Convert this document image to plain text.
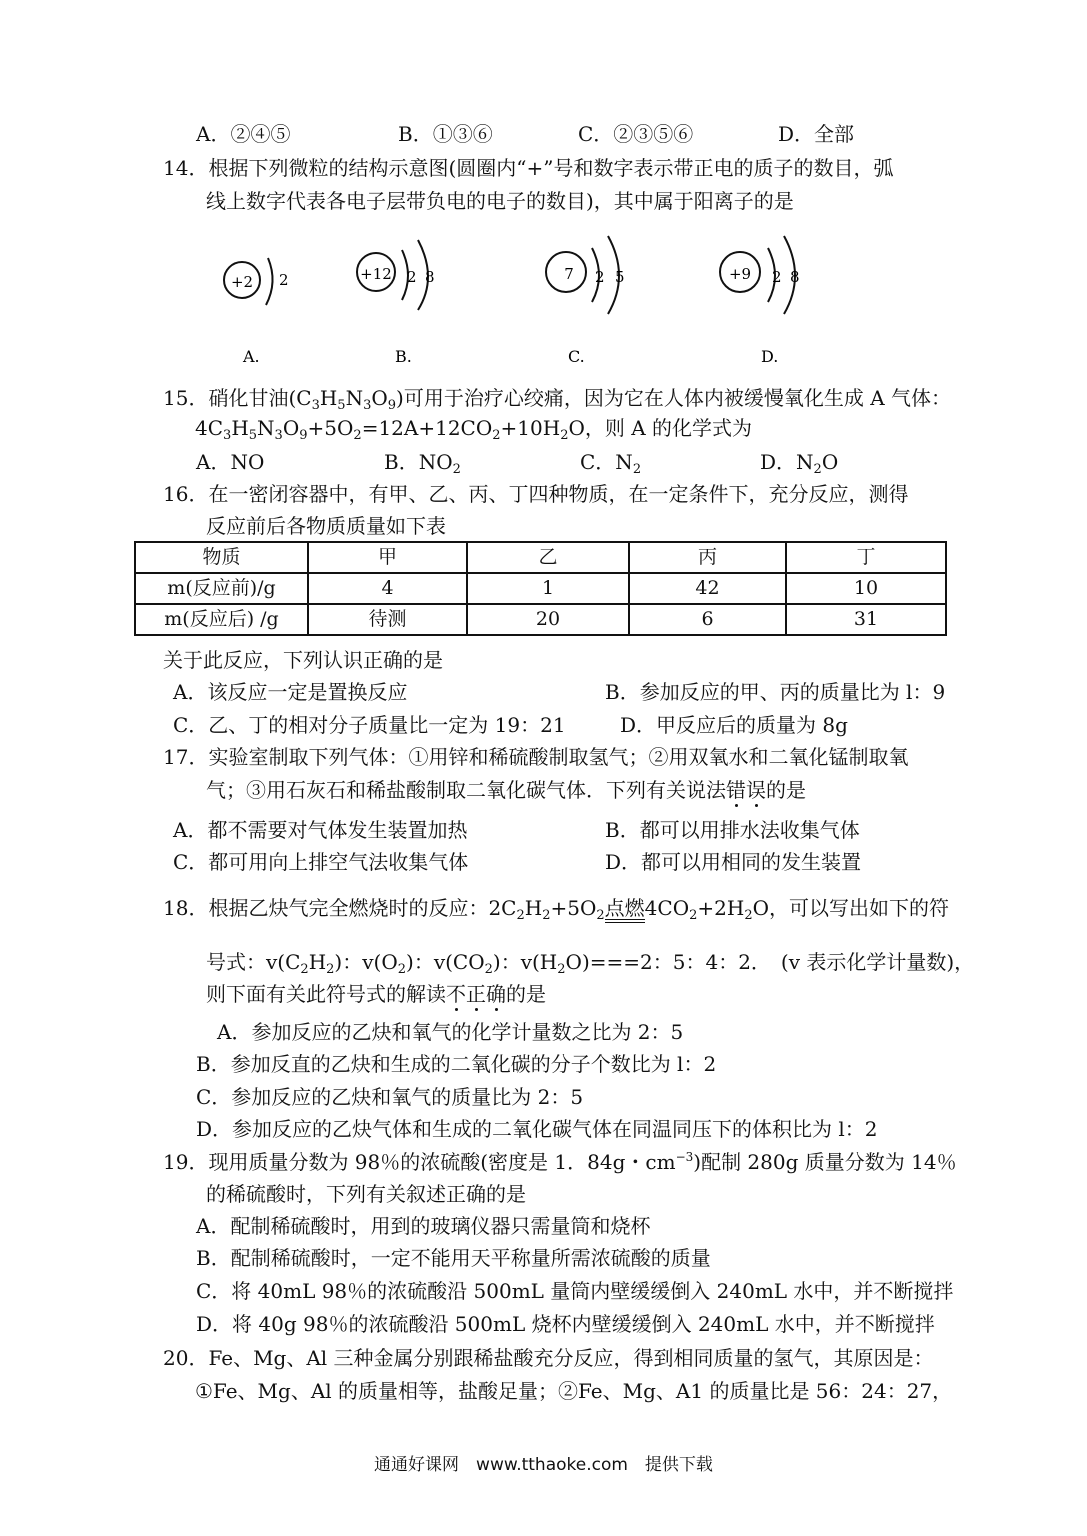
A．②④⑤	B．①③⑥	C．②③⑤⑥	D．全部
14．根据下列微粒的结构示意图(圆圈内“+”号和数字表示带正电的质子的数目，弧
线上数字代表各电子层带负电的电子的数目)，其中属于阳离子的是
+2 2
A.
+12 2 8
B.
7 2 5
C.
+9 2 8
D.
15．硝化甘油$(C_3H_5N_3O_9)$可用于治疗心绞痛，因为它在人体内被缓慢氧化生成 A 气体：
$4C_3H_5N_3O_9+5O_2=12A+12CO_2+10H_2O$，则 A 的化学式为
A．NO	B．$NO_2$	C．$N_2$	D．$N_2O$
16．在一密闭容器中，有甲、乙、丙、丁四种物质，在一定条件下，充分反应，测得
反应前后各物质质量如下表
物质	甲	乙	丙	丁
m(反应前)/g	4	1	42	10
m(反应后) /g	待测	20	6	31
关于此反应，下列认识正确的是
A．该反应一定是置换反应	B．参加反应的甲、丙的质量比为 l：9
C．乙、丁的相对分子质量比一定为 19：21	D．甲反应后的质量为 8g
17．实验室制取下列气体：①用锌和稀硫酸制取氢气；②用双氧水和二氧化锰制取氧
气；③用石灰石和稀盐酸制取二氧化碳气体．下列有关说法错误的是
A．都不需要对气体发生装置加热	B．都可以用排水法收集气体
C．都可用向上排空气法收集气体	D．都可以用相同的发生装置
18．根据乙炔气完全燃烧时的反应：$2C_2H_2+5O_2$点燃$4CO_2+2H_2O$，可以写出如下的符
号式：$v(C_2H_2)$：$v(O_2)$：$v(CO_2)$：$v(H_2O)===2$：5：4：2．　(v 表示化学计量数)，
则下面有关此符号式的解读不正确的是
A．参加反应的乙炔和氧气的化学计量数之比为 2：5
B．参加反直的乙炔和生成的二氧化碳的分子个数比为 l：2
C．参加反应的乙炔和氧气的质量比为 2：5
D．参加反应的乙炔气体和生成的二氧化碳气体在同温同压下的体积比为 l：2
19．现用质量分数为 98％的浓硫酸(密度是 1．84g・$cm^{-3}$)配制 280g 质量分数为 14％
的稀硫酸时，下列有关叙述正确的是
A．配制稀硫酸时，用到的玻璃仪器只需量筒和烧杯
B．配制稀硫酸时，一定不能用天平称量所需浓硫酸的质量
C．将 40mL 98％的浓硫酸沿 500mL 量筒内壁缓缓倒入 240mL 水中，并不断搅拌
D．将 40g 98％的浓硫酸沿 500mL 烧杯内壁缓缓倒入 240mL 水中，并不断搅拌
20．Fe、Mg、Al 三种金属分别跟稀盐酸充分反应，得到相同质量的氢气，其原因是：
①Fe、Mg、Al 的质量相等，盐酸足量；②Fe、Mg、A1 的质量比是 56：24：27，
通通好课网　www.tthaoke.com　提供下载
